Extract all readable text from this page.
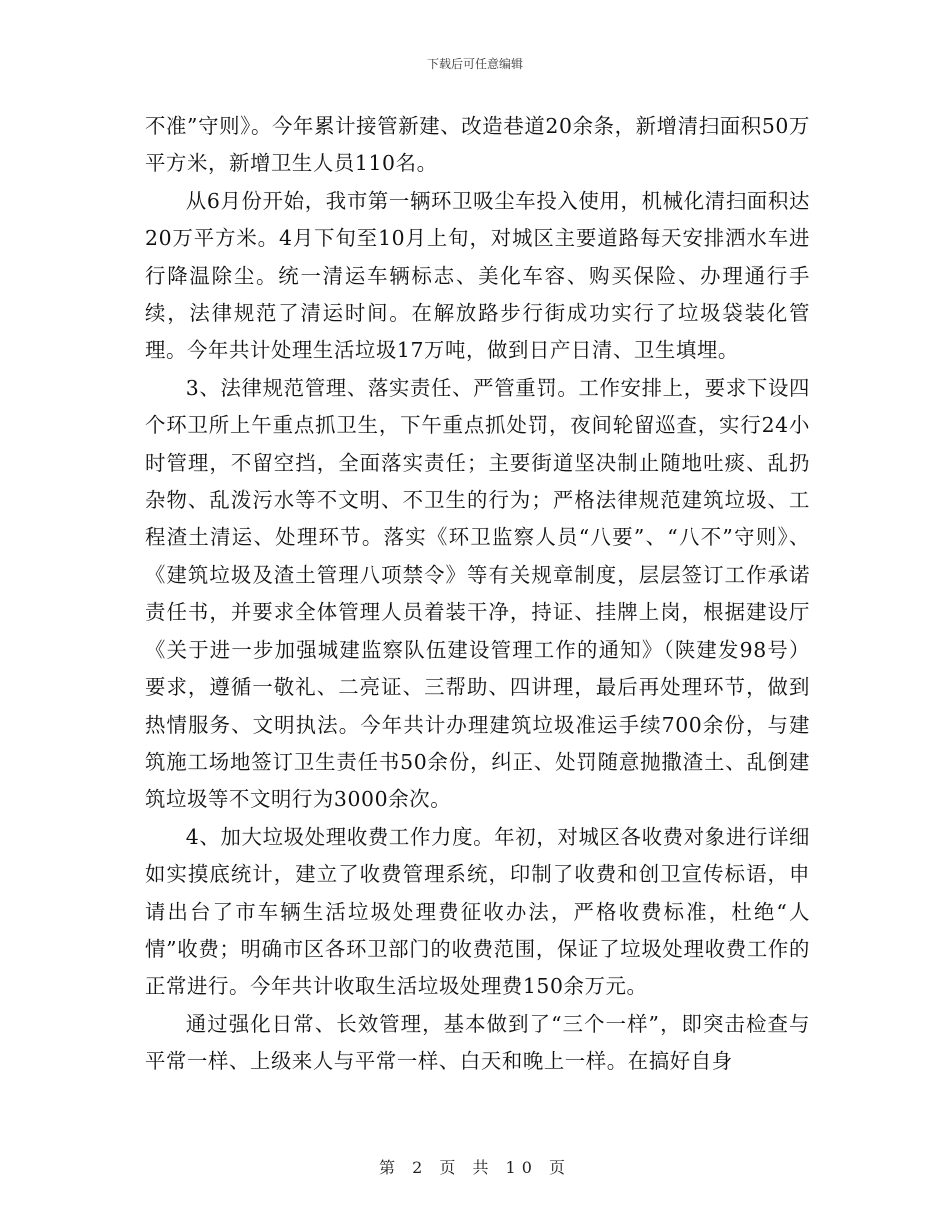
下载后可任意编辑

不准”守则》。今年累计接管新建、改造巷道20余条，新增清扫面积50万平方米，新增卫生人员110名。

从6月份开始，我市第一辆环卫吸尘车投入使用，机械化清扫面积达20万平方米。4月下旬至10月上旬，对城区主要道路每天安排洒水车进行降温除尘。统一清运车辆标志、美化车容、购买保险、办理通行手续，法律规范了清运时间。在解放路步行街成功实行了垃圾袋装化管理。今年共计处理生活垃圾17万吨，做到日产日清、卫生填埋。

3、法律规范管理、落实责任、严管重罚。工作安排上，要求下设四个环卫所上午重点抓卫生，下午重点抓处罚，夜间轮留巡查，实行24小时管理，不留空挡，全面落实责任；主要街道坚决制止随地吐痰、乱扔杂物、乱泼污水等不文明、不卫生的行为；严格法律规范建筑垃圾、工程渣土清运、处理环节。落实《环卫监察人员“八要”、“八不”守则》、《建筑垃圾及渣土管理八项禁令》等有关规章制度，层层签订工作承诺责任书，并要求全体管理人员着装干净，持证、挂牌上岗，根据建设厅《关于进一步加强城建监察队伍建设管理工作的通知》（陕建发98号）要求，遵循一敬礼、二亮证、三帮助、四讲理，最后再处理环节，做到热情服务、文明执法。今年共计办理建筑垃圾准运手续700余份，与建筑施工场地签订卫生责任书50余份，纠正、处罚随意抛撒渣土、乱倒建筑垃圾等不文明行为3000余次。

4、加大垃圾处理收费工作力度。年初，对城区各收费对象进行详细如实摸底统计，建立了收费管理系统，印制了收费和创卫宣传标语，申请出台了市车辆生活垃圾处理费征收办法，严格收费标准，杜绝“人情”收费；明确市区各环卫部门的收费范围，保证了垃圾处理收费工作的正常进行。今年共计收取生活垃圾处理费150余万元。

通过强化日常、长效管理，基本做到了“三个一样”，即突击检查与平常一样、上级来人与平常一样、白天和晚上一样。在搞好自身

第 2 页 共 10 页
